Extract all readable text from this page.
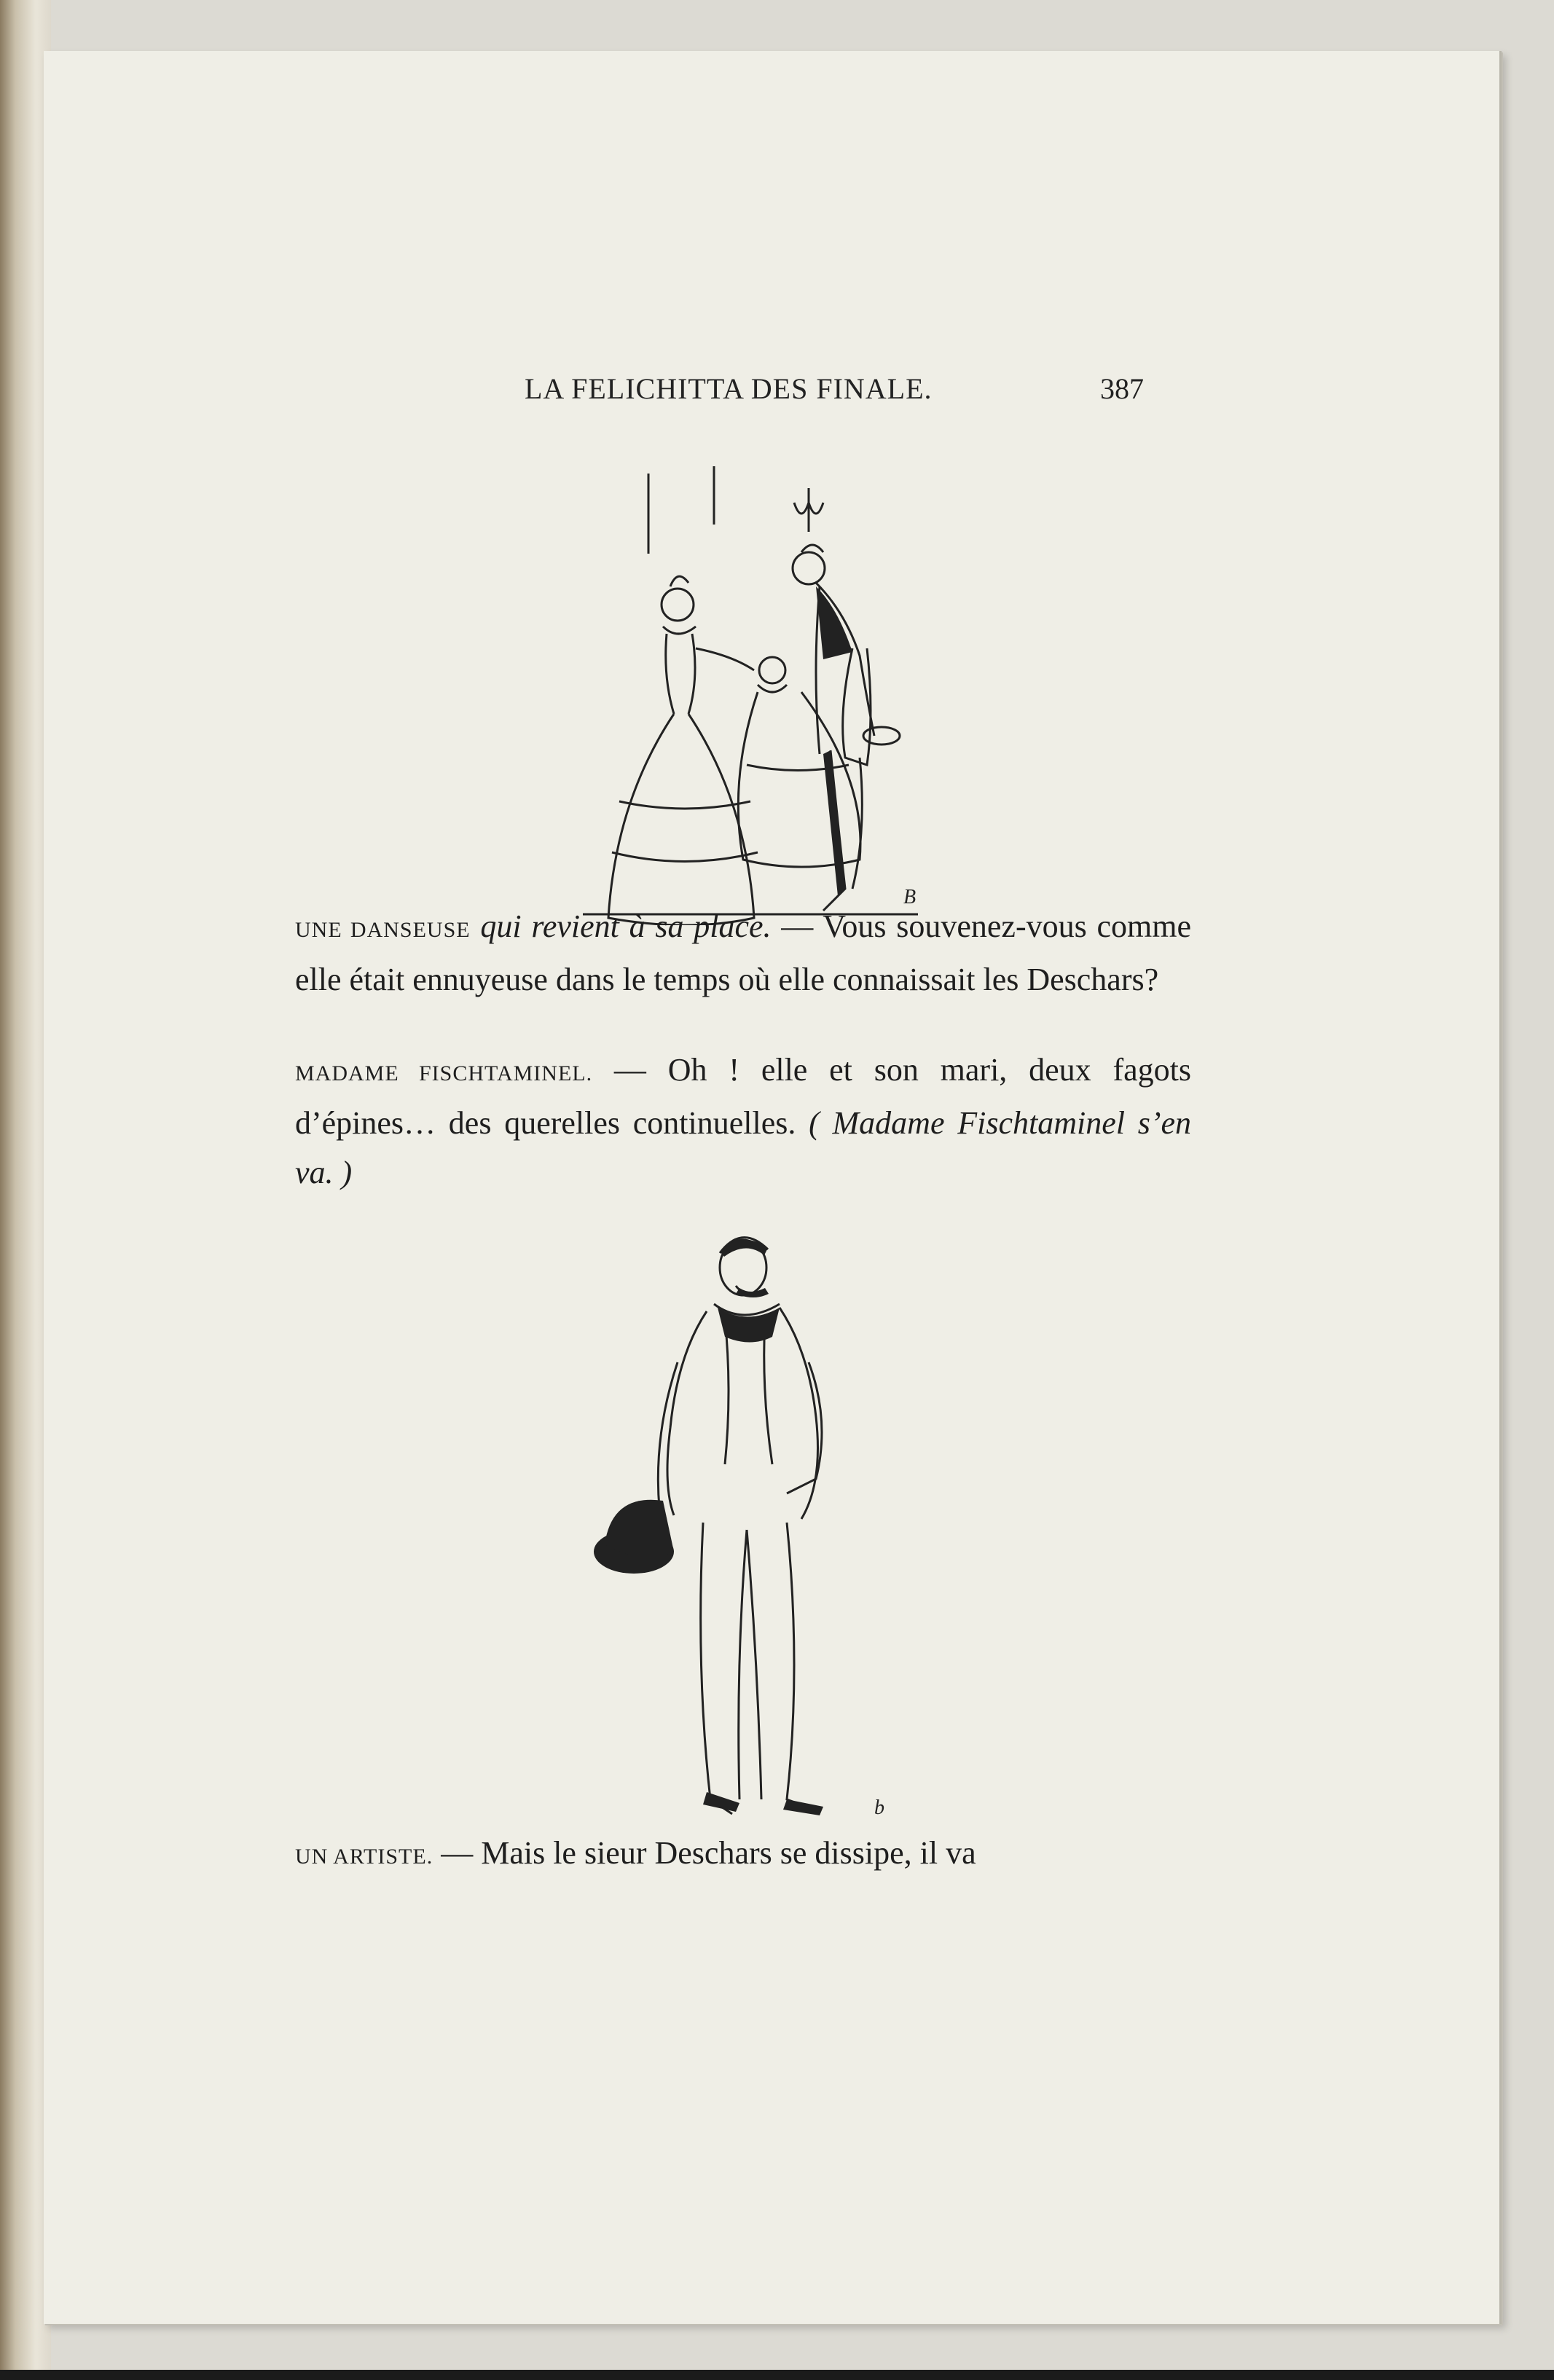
LA FELICHITTA DES FINALE.	387
B
UNE DANSEUSE qui revient à sa place. — Vous souvenez-vous comme elle était ennuyeuse dans le temps où elle connaissait les Deschars?
MADAME FISCHTAMINEL. — Oh ! elle et son mari, deux fagots d’épines… des querelles continuelles. ( Madame Fischtaminel s’en va. )
b
UN ARTISTE. — Mais le sieur Deschars se dissipe, il va
